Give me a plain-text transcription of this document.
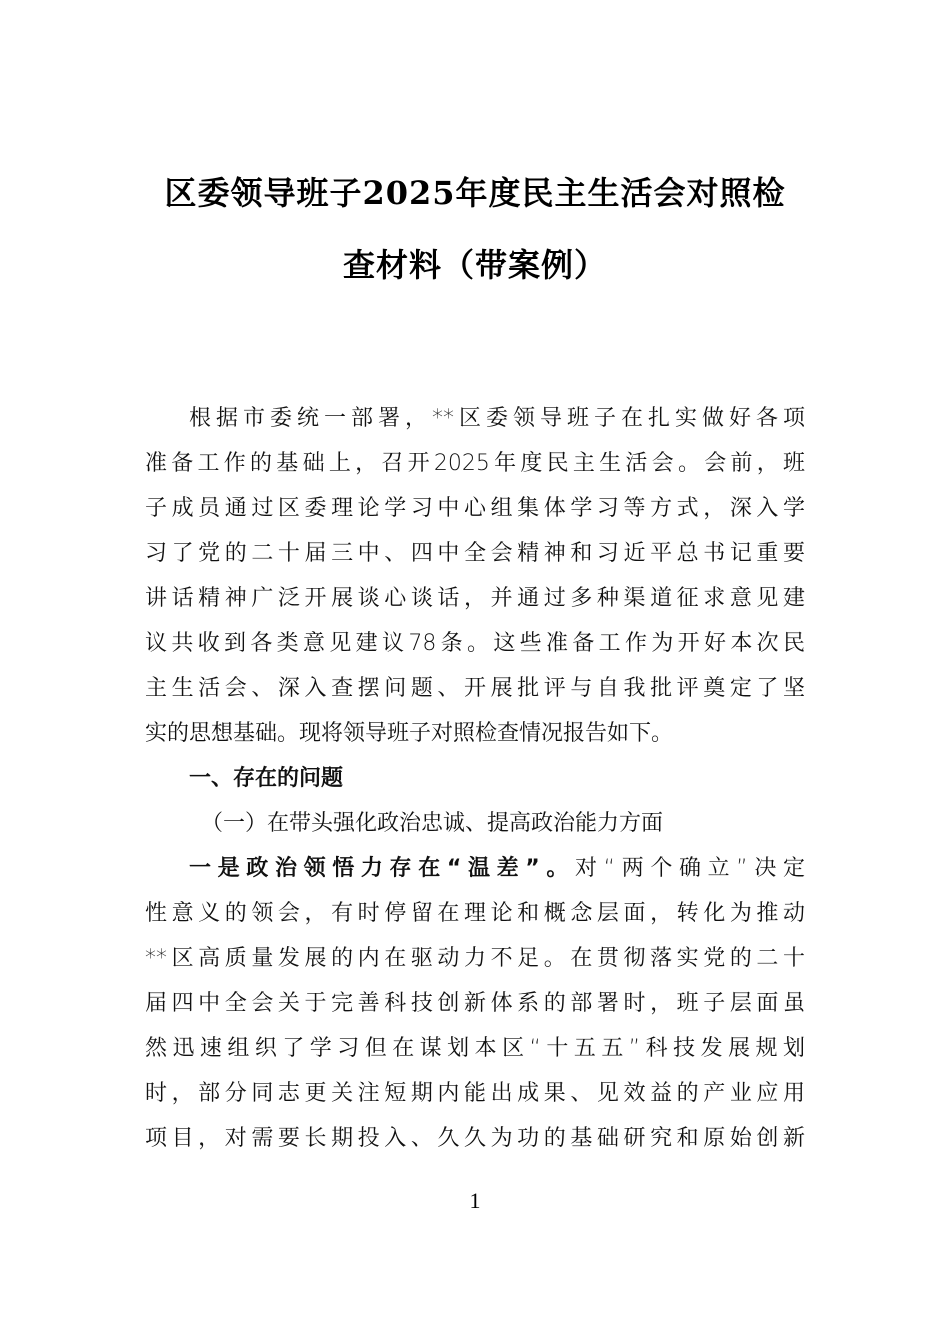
区委领导班子2025年度民主生活会对照检
查材料（带案例）
根据市委统一部署，**区委领导班子在扎实做好各项
准备工作的基础上，召开2025年度民主生活会。会前，班
子成员通过区委理论学习中心组集体学习等方式，深入学
习了党的二十届三中、四中全会精神和习近平总书记重要
讲话精神广泛开展谈心谈话，并通过多种渠道征求意见建
议共收到各类意见建议78条。这些准备工作为开好本次民
主生活会、深入查摆问题、开展批评与自我批评奠定了坚
实的思想基础。现将领导班子对照检查情况报告如下。
一、存在的问题
（一）在带头强化政治忠诚、提高政治能力方面
一是政治领悟力存在“温差”。对“两个确立”决定
性意义的领会，有时停留在理论和概念层面，转化为推动
**区高质量发展的内在驱动力不足。在贯彻落实党的二十
届四中全会关于完善科技创新体系的部署时，班子层面虽
然迅速组织了学习但在谋划本区“十五五”科技发展规划
时，部分同志更关注短期内能出成果、见效益的产业应用
项目，对需要长期投入、久久为功的基础研究和原始创新
1
